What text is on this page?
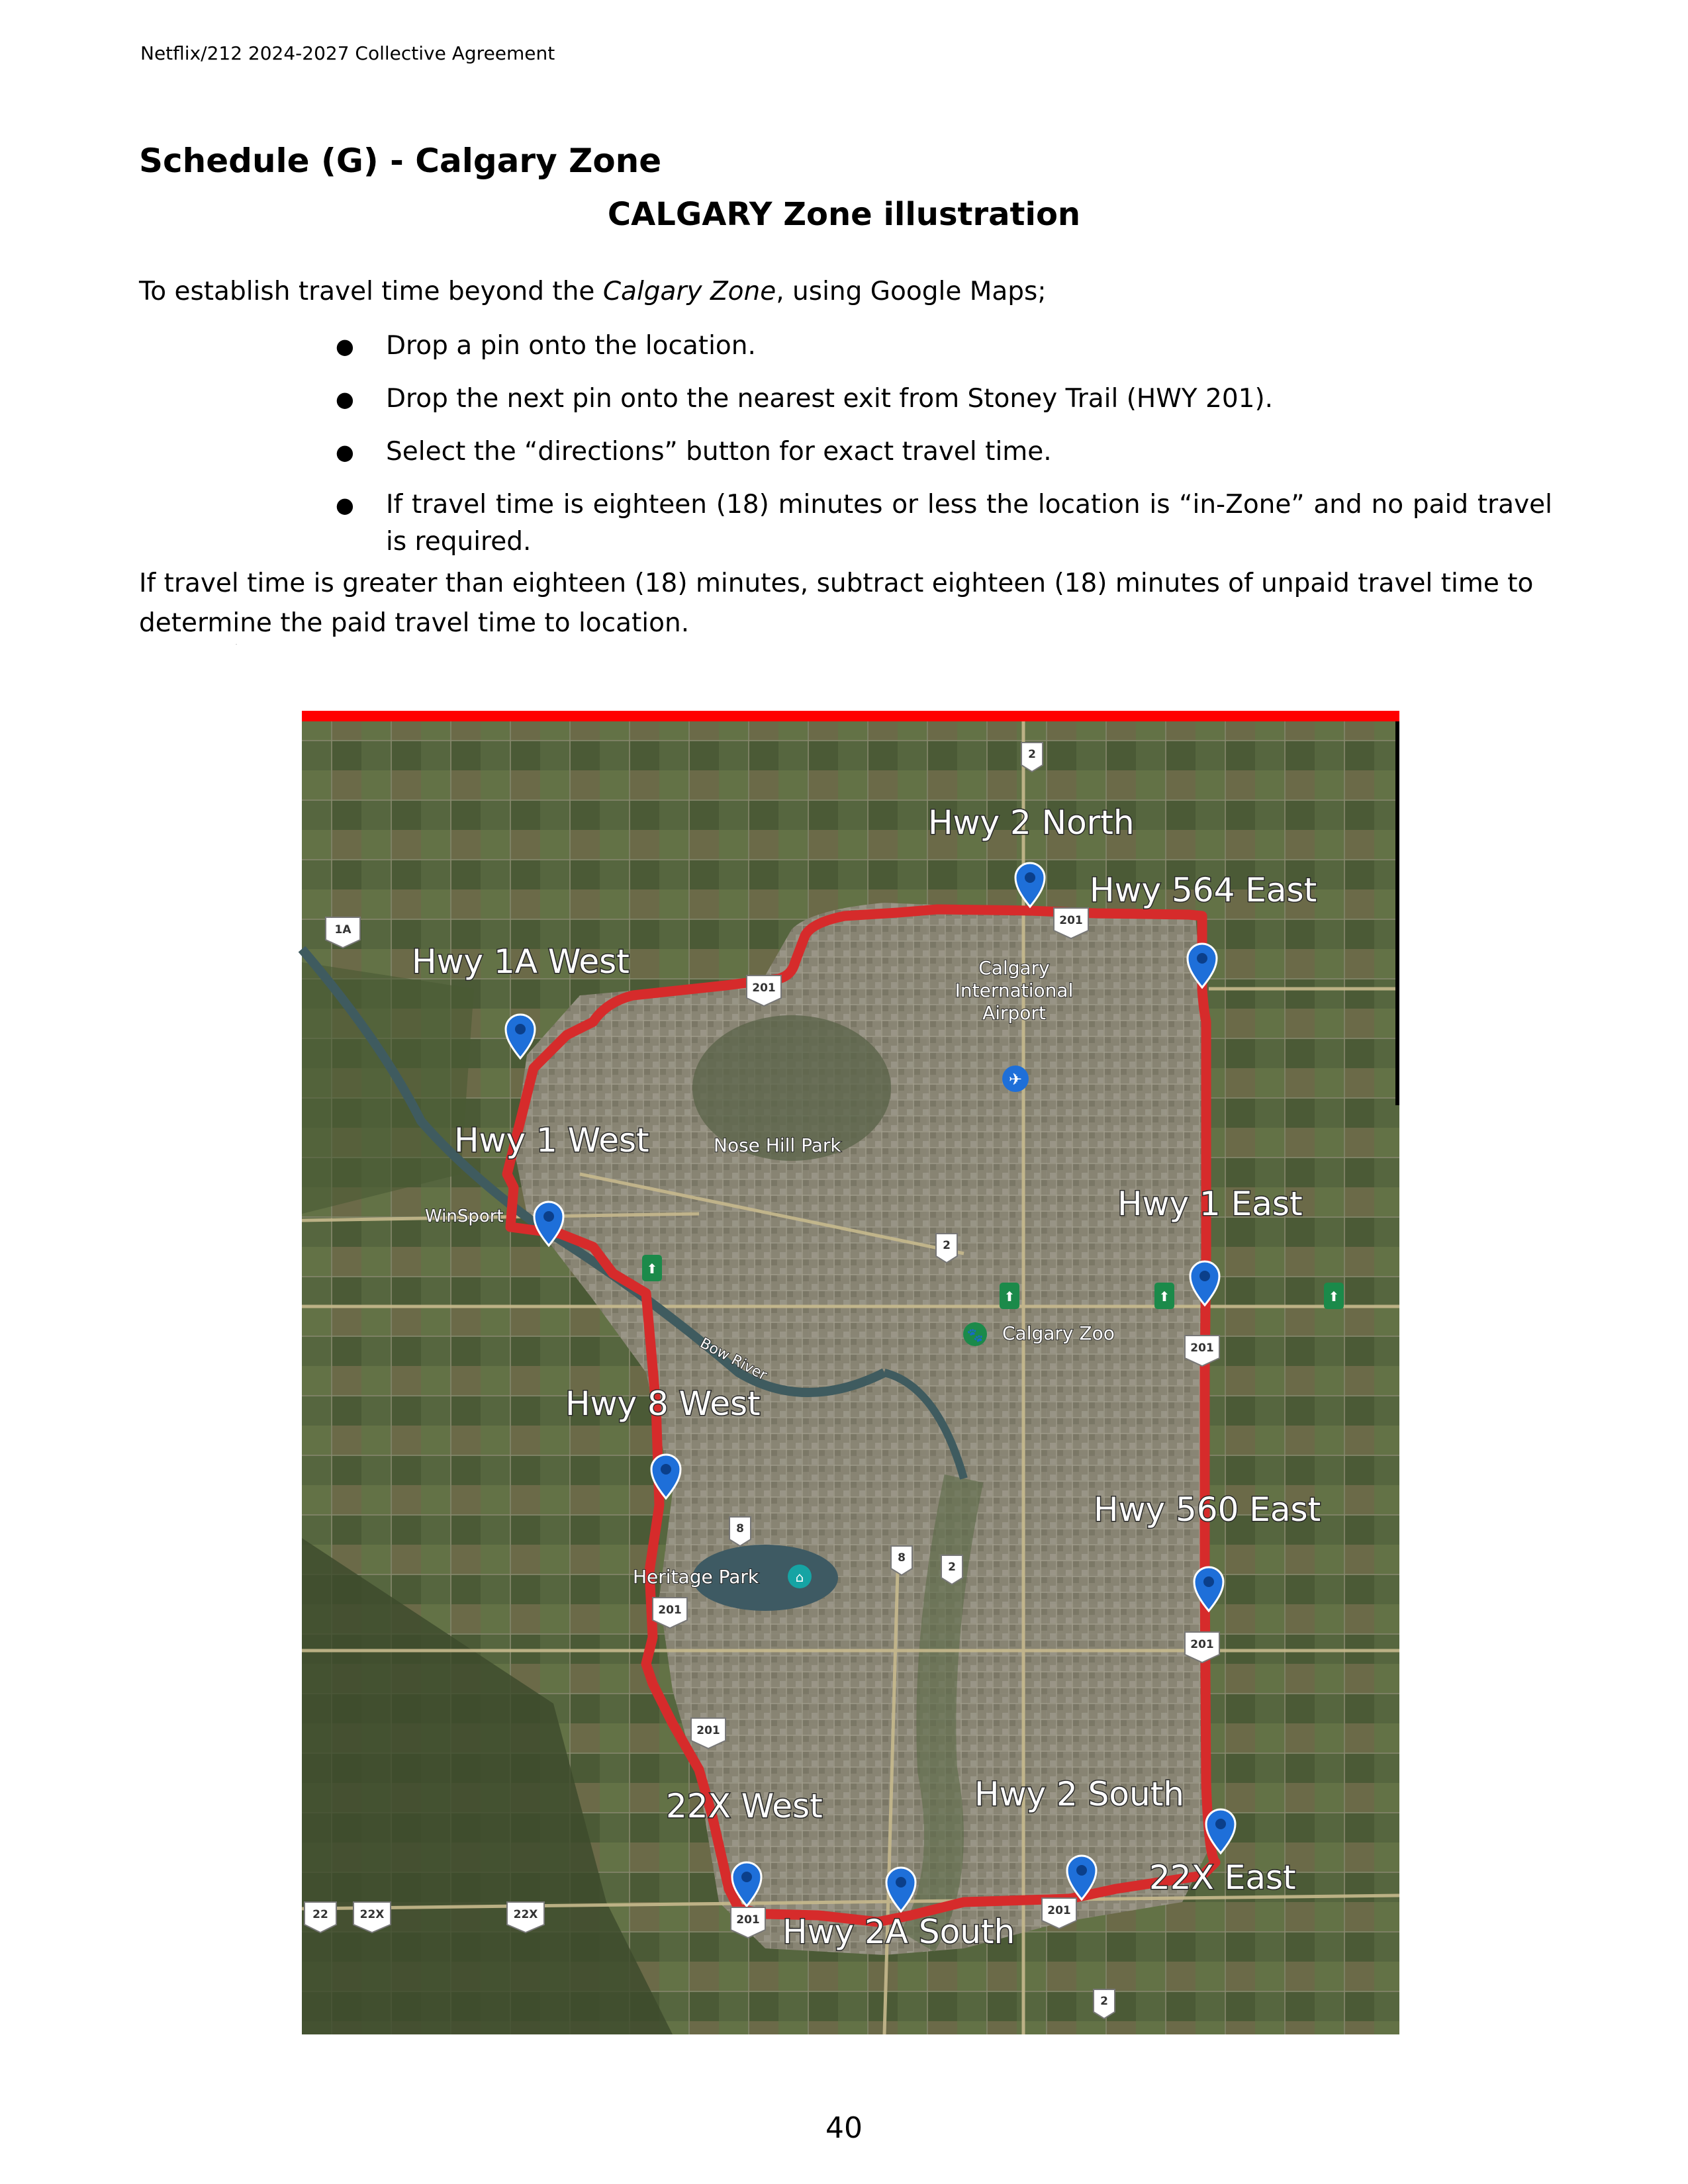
Netflix/212 2024-2027 Collective Agreement
Schedule (G) - Calgary Zone
CALGARY Zone illustration
To establish travel time beyond the Calgary Zone, using Google Maps;
● Drop a pin onto the location.
● Drop the next pin onto the nearest exit from Stoney Trail (HWY 201).
● Select the “directions” button for exact travel time.
● If travel time is eighteen (18) minutes or less the location is “in-Zone” and no paid travel is required.
If travel time is greater than eighteen (18) minutes, subtract eighteen (18) minutes of unpaid travel time to determine the paid travel time to location.
201
201
201
201
201
201
201
201
201
2
2
2
2
8
8
1A
22	22X	22X
✈
⬆
⬆	⬆	⬆
🐾
⌂
Calgary
International
Airport
Nose Hill Park
WinSport
Calgary Zoo
Heritage Park
Bow River
Hwy 2 North
Hwy 564 East
Hwy 1A West
Hwy 1 West
Hwy 1 East
Hwy 8 West
Hwy 560 East
22X West	Hwy 2 South
22X East
Hwy 2A South
40
